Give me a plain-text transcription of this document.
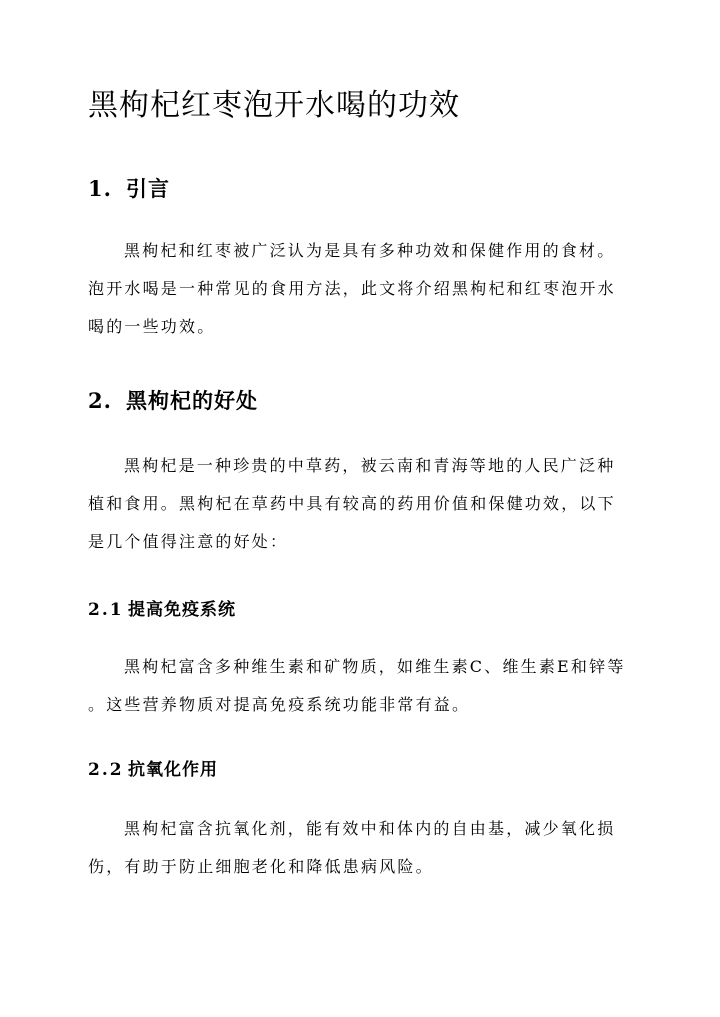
黑枸杞红枣泡开水喝的功效
1. 引言
黑枸杞和红枣被广泛认为是具有多种功效和保健作用的食材。
泡开水喝是一种常见的食用方法，此文将介绍黑枸杞和红枣泡开水
喝的一些功效。
2. 黑枸杞的好处
黑枸杞是一种珍贵的中草药，被云南和青海等地的人民广泛种
植和食用。黑枸杞在草药中具有较高的药用价值和保健功效，以下
是几个值得注意的好处：
2.1 提高免疫系统
黑枸杞富含多种维生素和矿物质，如维生素C、维生素E和锌等
。这些营养物质对提高免疫系统功能非常有益。
2.2 抗氧化作用
黑枸杞富含抗氧化剂，能有效中和体内的自由基，减少氧化损
伤，有助于防止细胞老化和降低患病风险。
